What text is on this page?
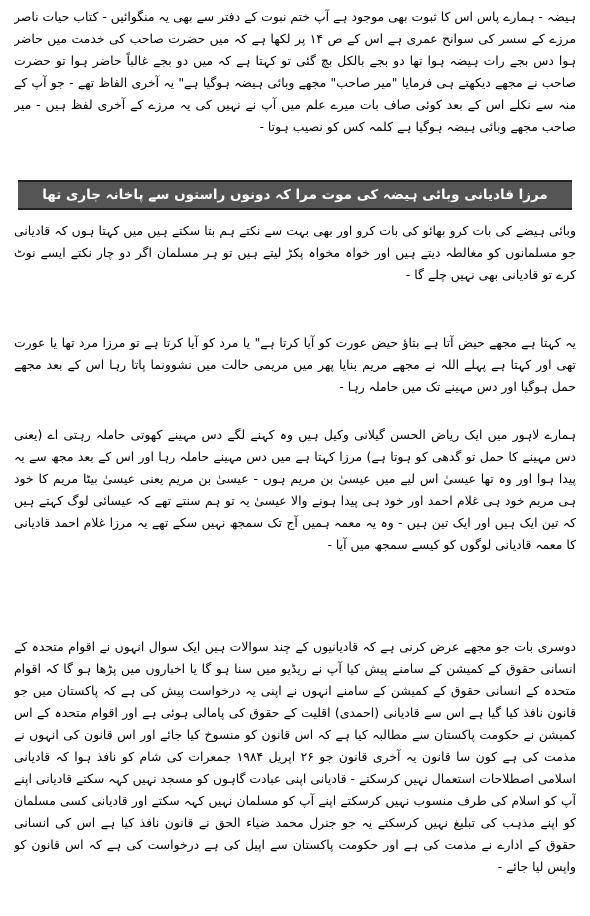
ہیضہ - ہمارے پاس اس کا ثبوت بھی موجود ہے آپ ختم نبوت کے دفتر سے بھی یہ منگوائیں - کتاب حیات ناصر مرزے کے سسر کی سوانح عمری ہے اس کے ص ۱۴ پر لکھا ہے کہ میں حضرت صاحب کی خدمت میں حاضر ہوا دس بجے رات ہیضہ ہوا تھا دو بجے بالکل بچ گئی تو کہتا ہے کہ میں دو بجے غالباً حاضر ہوا تو حضرت صاحب نے مجھے دیکھتے ہی فرمایا "میر صاحب" مجھے وبائی ہیضہ ہوگیا ہے" یہ آخری الفاظ تھے - جو آپ کے منہ سے نکلے اس کے بعد کوئی صاف بات میرے علم میں آپ نے نہیں کی یہ مرزے کے آخری لفظ ہیں - میر صاحب مجھے وبائی ہیضہ ہوگیا ہے کلمہ کس کو نصیب ہوتا -

مرزا قادیانی وبائی ہیضہ کی موت مرا کہ دونوں راستوں سے پاخانہ جاری تھا

وبائی ہیضے کی بات کرو بھائو کی بات کرو اور بھی بہت سے نکتے ہم بتا سکتے ہیں میں کہتا ہوں کہ قادیانی جو مسلمانوں کو مغالطہ دیتے ہیں اور خواہ مخواہ پکڑ لیتے ہیں تو ہر مسلمان اگر دو چار نکتے ایسے نوٹ کرے تو قادیانی بھی نہیں چلے گا -

یہ کہتا ہے مجھے حیض آتا ہے بتاؤ حیض عورت کو آیا کرتا ہے" یا مرد کو آیا کرتا ہے تو مرزا مرد تھا یا عورت تھی اور کہتا ہے پہلے اللہ نے مجھے مریم بنایا پھر میں مریمی حالت میں نشوونما پاتا رہا اس کے بعد مجھے حمل ہوگیا اور دس مہینے تک میں حاملہ رہا -

ہمارے لاہور میں ایک ریاض الحسن گیلانی وکیل ہیں وہ کہنے لگے دس مہینے کھوتی حاملہ رہتی اے (یعنی دس مہینے کا حمل تو گدھی کو ہوتا ہے) مرزا کہتا ہے میں دس مہینے حاملہ رہا اور اس کے بعد مجھ سے یہ پیدا ہوا اور وہ تھا عیسیٰ اس لیے میں عیسیٰ بن مریم ہوں - عیسیٰ بن مریم یعنی عیسیٰ بیٹا مریم کا خود ہی مریم خود ہی غلام احمد اور خود ہی پیدا ہونے والا عیسیٰ یہ تو ہم سنتے تھے کہ عیسائی لوگ کہتے ہیں کہ تین ایک ہیں اور ایک تین ہیں - وہ یہ معمہ ہمیں آج تک سمجھ نہیں سکے تھے یہ مرزا غلام احمد قادیانی کا معمہ قادیانی لوگوں کو کیسے سمجھ میں آیا -

دوسری بات جو مجھے عرض کرنی ہے کہ قادیانیوں کے چند سوالات ہیں ایک سوال انہوں نے اقوام متحدہ کے انسانی حقوق کے کمیشن کے سامنے پیش کیا آپ نے ریڈیو میں سنا ہو گا یا اخباروں میں پڑھا ہو گا کہ اقوام متحدہ کے انسانی حقوق کے کمیشن کے سامنے انہوں نے اپنی یہ درخواست پیش کی ہے کہ پاکستان میں جو قانون نافذ کیا گیا ہے اس سے قادیانی (احمدی) اقلیت کے حقوق کی پامالی ہوئی ہے اور اقوام متحدہ کے اس کمیشن نے حکومت پاکستان سے مطالبہ کیا ہے کہ اس قانون کو منسوخ کیا جائے اور اس قانون کی انہوں نے مذمت کی ہے کون سا قانون یہ آخری قانون جو ۲۶ اپریل ۱۹۸۴ جمعرات کی شام کو نافذ ہوا کہ قادیانی اسلامی اصطلاحات استعمال نہیں کرسکتے - قادیانی اپنی عبادت گاہوں کو مسجد نہیں کہہ سکتے قادیانی اپنے آپ کو اسلام کی طرف منسوب نہیں کرسکتے اپنے آپ کو مسلمان نہیں کہہ سکتے اور قادیانی کسی مسلمان کو اپنے مذہب کی تبلیغ نہیں کرسکتے یہ جو جنرل محمد ضیاء الحق نے قانون نافذ کیا ہے اس کی انسانی حقوق کے ادارے نے مذمت کی ہے اور حکومت پاکستان سے اپیل کی ہے درخواست کی ہے کہ اس قانون کو واپس لیا جائے -
